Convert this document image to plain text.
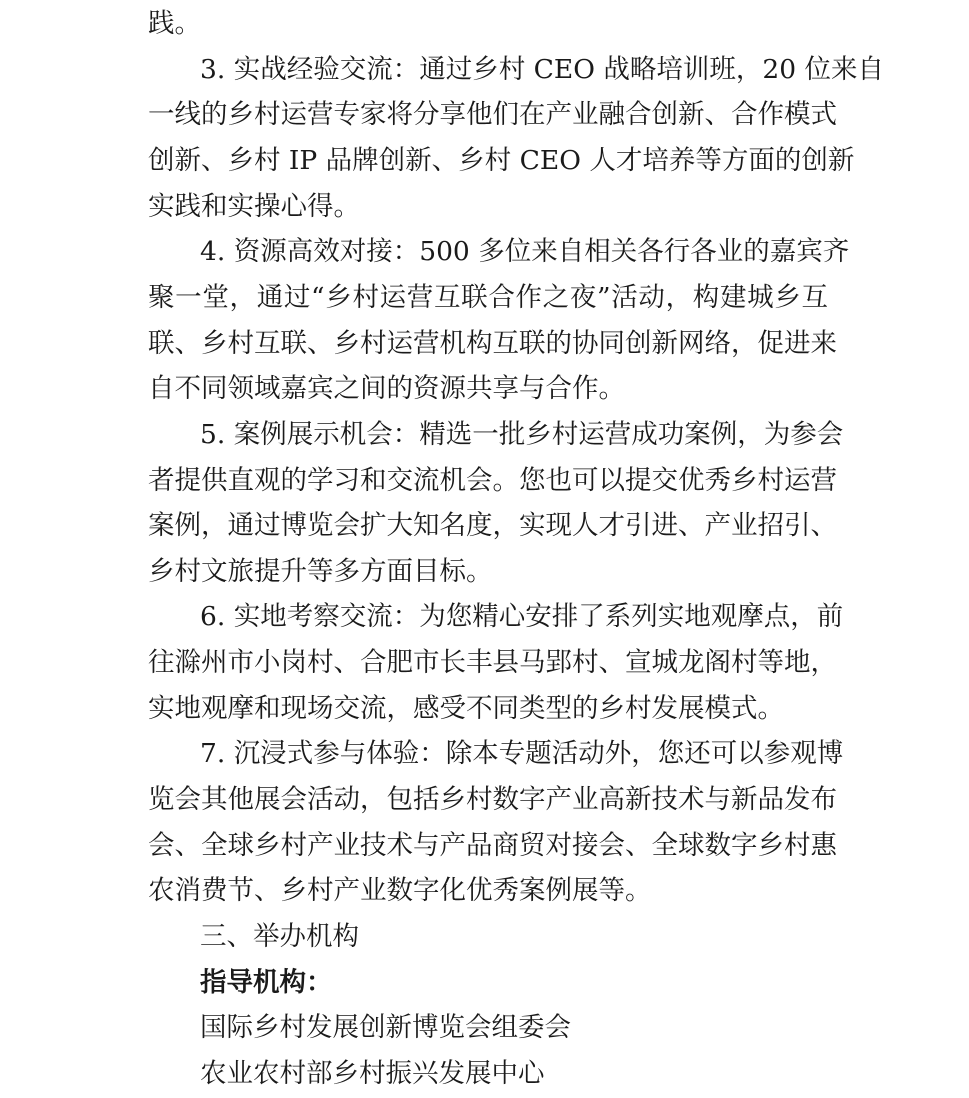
践。
3. 实战经验交流：通过乡村 CEO 战略培训班，20 位来自
一线的乡村运营专家将分享他们在产业融合创新、合作模式
创新、乡村 IP 品牌创新、乡村 CEO 人才培养等方面的创新
实践和实操心得。
4. 资源高效对接：500 多位来自相关各行各业的嘉宾齐
聚一堂，通过“乡村运营互联合作之夜”活动，构建城乡互
联、乡村互联、乡村运营机构互联的协同创新网络，促进来
自不同领域嘉宾之间的资源共享与合作。
5. 案例展示机会：精选一批乡村运营成功案例，为参会
者提供直观的学习和交流机会。您也可以提交优秀乡村运营
案例，通过博览会扩大知名度，实现人才引进、产业招引、
乡村文旅提升等多方面目标。
6. 实地考察交流：为您精心安排了系列实地观摩点，前
往滁州市小岗村、合肥市长丰县马郢村、宣城龙阁村等地，
实地观摩和现场交流，感受不同类型的乡村发展模式。
7. 沉浸式参与体验：除本专题活动外，您还可以参观博
览会其他展会活动，包括乡村数字产业高新技术与新品发布
会、全球乡村产业技术与产品商贸对接会、全球数字乡村惠
农消费节、乡村产业数字化优秀案例展等。
三、举办机构
指导机构：
国际乡村发展创新博览会组委会
农业农村部乡村振兴发展中心
